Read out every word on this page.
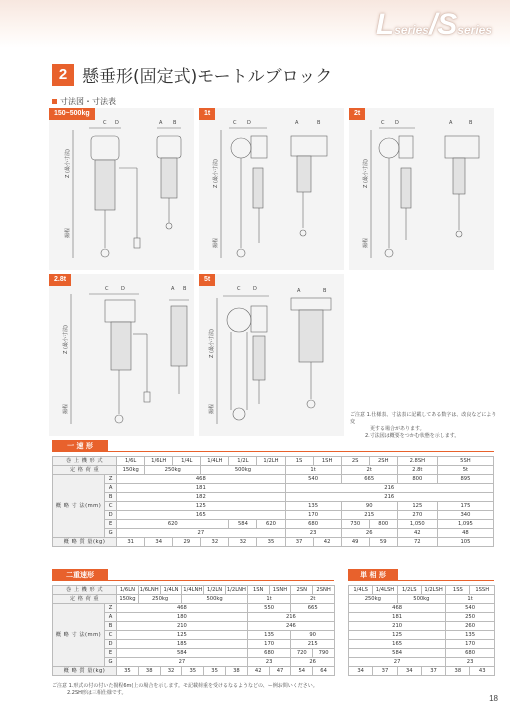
Lseries/Sseries
2 懸垂形(固定式)モートルブロック
寸法図・寸法表
150~500kg
C D	A B
Z (最小寸法)
揚程
1t
C D	A	B
Z (最小寸法)
揚程
2t
C D	A	B
Z (最小寸法)
揚程
2.8t
C	D	A B
Z (最小寸法)
揚程
5t
C	D	A	B
Z (最小寸法)
揚程
ご注意 1.仕様表、寸法表に記載してある数字は、改良などにより変
　　　　更する場合があります。
　　　2.寸法図は概要をつかむ状態を示します。
一 速 形
巻 上 機 形 式		1/6L	1/6LH	1/4L	1/4LH	1/2L	1/2LH	1S	1SH	2S	2SH	2.8SH	5SH
定 格 荷 重		150kg	250kg		500kg			1t		2t		2.8t	5t
概 略 寸 法(mm)	Z	468						540		665		800	895
	A	181						216					
	B	182						216					
	C	125						135		90		125	175
	D	165						170		215		270	340
	E	620				584	620	680		730	800	1,050	1,095
	G	27						23		26		42	48
概 略 質 量(kg)		31	34	29	32	32	35	37	42	49	59	72	105
二重速形
巻 上 機 形 式		1/6LN	1/6LNH	1/4LN	1/4LNH	1/2LN	1/2LNH	1SN	1SNH	2SN	2SNH
定 格 荷 重		150kg	250kg		500kg			1t		2t	
概 略 寸 法(mm)	Z	468						550		665	
	A	180						216			
	B	210						246			
	C	125						135		90	
	D	185						170		215	
	E	584						680		720	790
	G	27						23		26	
概 略 質 量(kg)		35	38	32	35	35	38	42	47	54	64
単 相 形
1/4LS	1/4LSH	1/2LS	1/2LSH	1SS	1SSH
250kg		500kg		1t	
468				540	
181				250	
210				260	
125				135	
165				170	
584				680	
27				23	
34	37	34	37	38	43
ご注意 1.形式の付の付いた揚程6m(上の場合を示します。モ記載荷重を受けるなるようなどの、ー例お問いください。
　　　2.2SH形は三相仕様です。
18
